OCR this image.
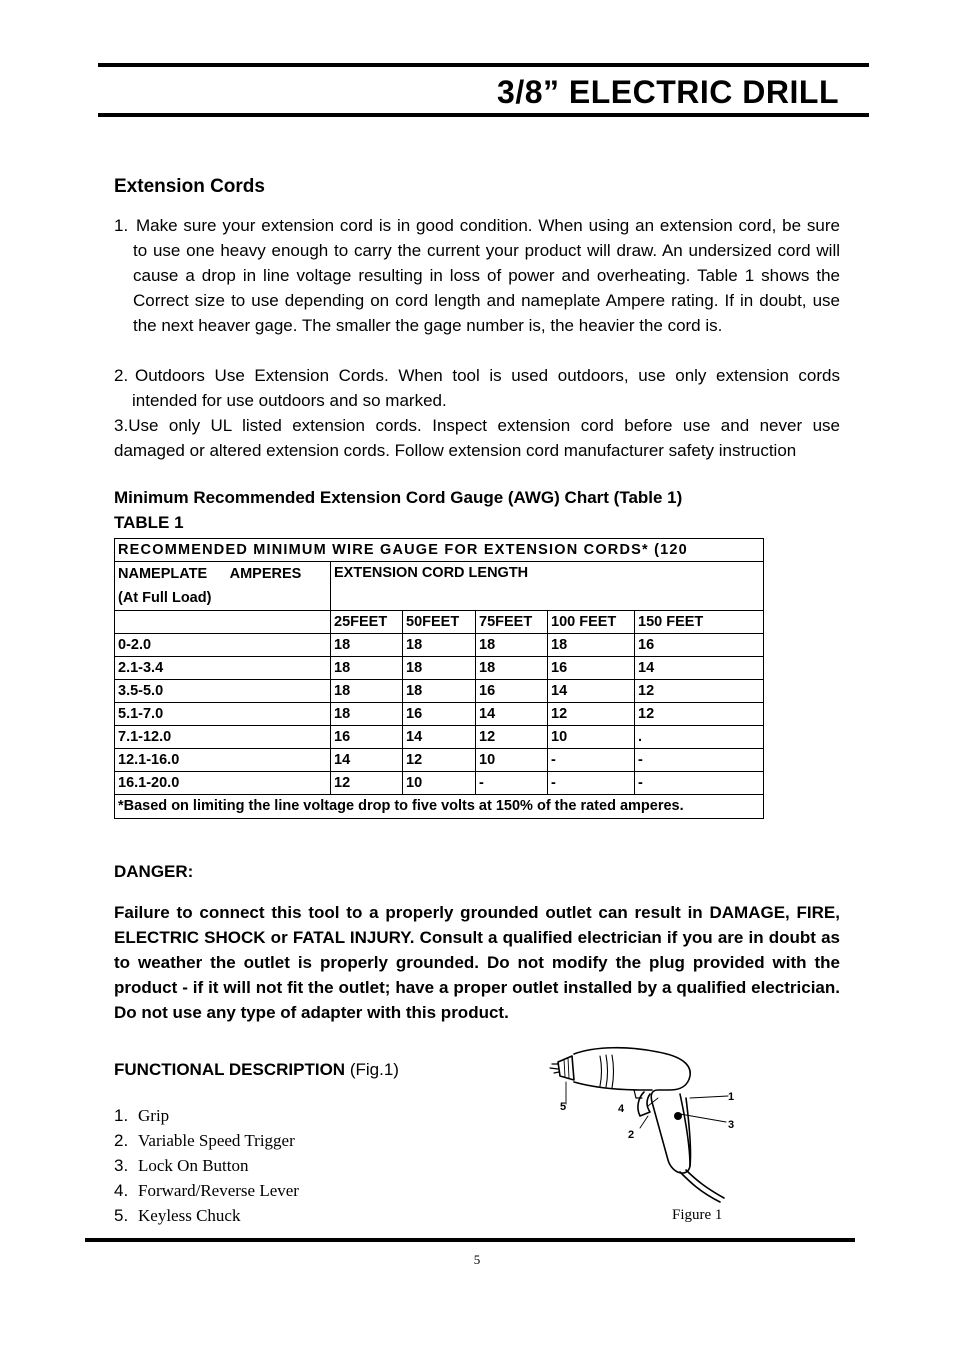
3/8” ELECTRIC DRILL
Extension Cords
1. Make sure your extension cord is in good condition. When using an extension cord, be sure to use one heavy enough to carry the current your product will draw. An undersized cord will cause a drop in line voltage resulting in loss of power and overheating. Table 1 shows the Correct size to use depending on cord length and nameplate Ampere rating. If in doubt, use the next heaver gage. The smaller the gage number is, the heavier the cord is.
2. Outdoors Use Extension Cords. When tool is used outdoors, use only extension cords intended for use outdoors and so marked.
3.Use only UL listed extension cords. Inspect extension cord before use and never use damaged or altered extension cords. Follow extension cord manufacturer safety instruction
Minimum Recommended Extension Cord Gauge (AWG) Chart (Table 1)
TABLE 1
RECOMMENDED MINIMUM WIRE GAUGE FOR EXTENSION CORDS* (120					

NAMEPLATE AMPERES
(At Full Load)	EXTENSION CORD LENGTH				
	25FEET	50FEET	75FEET	100 FEET	150 FEET
0-2.0	18	18	18	18	16
2.1-3.4	18	18	18	16	14
3.5-5.0	18	18	16	14	12
5.1-7.0	18	16	14	12	12
7.1-12.0	16	14	12	10	.
12.1-16.0	14	12	10	-	-
16.1-20.0	12	10	-	-	-
*Based on limiting the line voltage drop to five volts at 150% of the rated amperes.					
DANGER:
Failure to connect this tool to a properly grounded outlet can result in DAMAGE, FIRE, ELECTRIC SHOCK or FATAL INJURY. Consult a qualified electrician if you are in doubt as to weather the outlet is properly grounded. Do not modify the plug provided with the product - if it will not fit the outlet; have a proper outlet installed by a qualified electrician. Do not use any type of adapter with this product.
FUNCTIONAL DESCRIPTION (Fig.1)
1. Grip
2. Variable Speed Trigger
3. Lock On Button
4. Forward/Reverse Lever
5. Keyless Chuck
1
2
3
4
5
Figure 1
5
